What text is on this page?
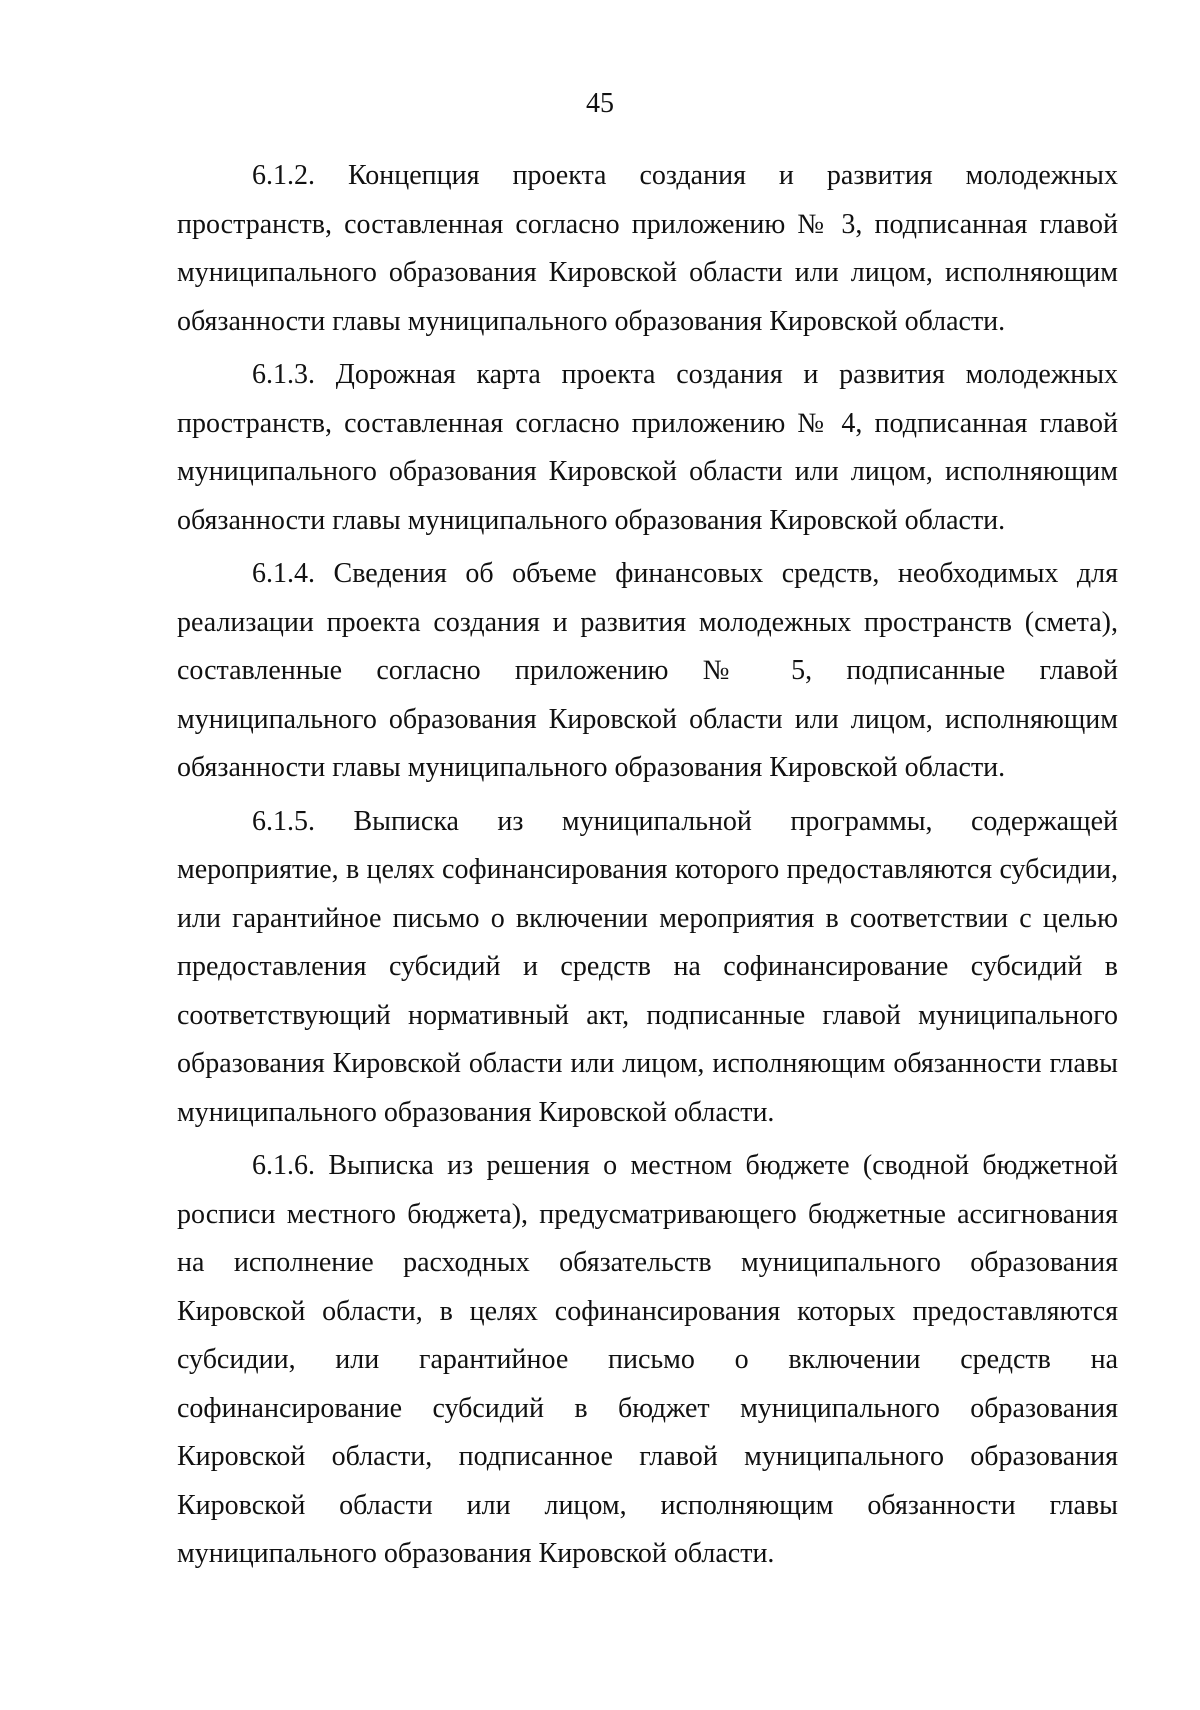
45

6.1.2. Концепция проекта создания и развития молодежных пространств, составленная согласно приложению № 3, подписанная главой муниципального образования Кировской области или лицом, исполняющим обязанности главы муниципального образования Кировской области.

6.1.3. Дорожная карта проекта создания и развития молодежных пространств, составленная согласно приложению № 4, подписанная главой муниципального образования Кировской области или лицом, исполняющим обязанности главы муниципального образования Кировской области.

6.1.4. Сведения об объеме финансовых средств, необходимых для реализации проекта создания и развития молодежных пространств (смета), составленные согласно приложению № 5, подписанные главой муниципального образования Кировской области или лицом, исполняющим обязанности главы муниципального образования Кировской области.

6.1.5. Выписка из муниципальной программы, содержащей мероприятие, в целях софинансирования которого предоставляются субсидии, или гарантийное письмо о включении мероприятия в соответствии с целью предоставления субсидий и средств на софинансирование субсидий в соответствующий нормативный акт, подписанные главой муниципального образования Кировской области или лицом, исполняющим обязанности главы муниципального образования Кировской области.

6.1.6. Выписка из решения о местном бюджете (сводной бюджетной росписи местного бюджета), предусматривающего бюджетные ассигнования на исполнение расходных обязательств муниципального образования Кировской области, в целях софинансирования которых предоставляются субсидии, или гарантийное письмо о включении средств на софинансирование субсидий в бюджет муниципального образования Кировской области, подписанное главой муниципального образования Кировской области или лицом, исполняющим обязанности главы муниципального образования Кировской области.
